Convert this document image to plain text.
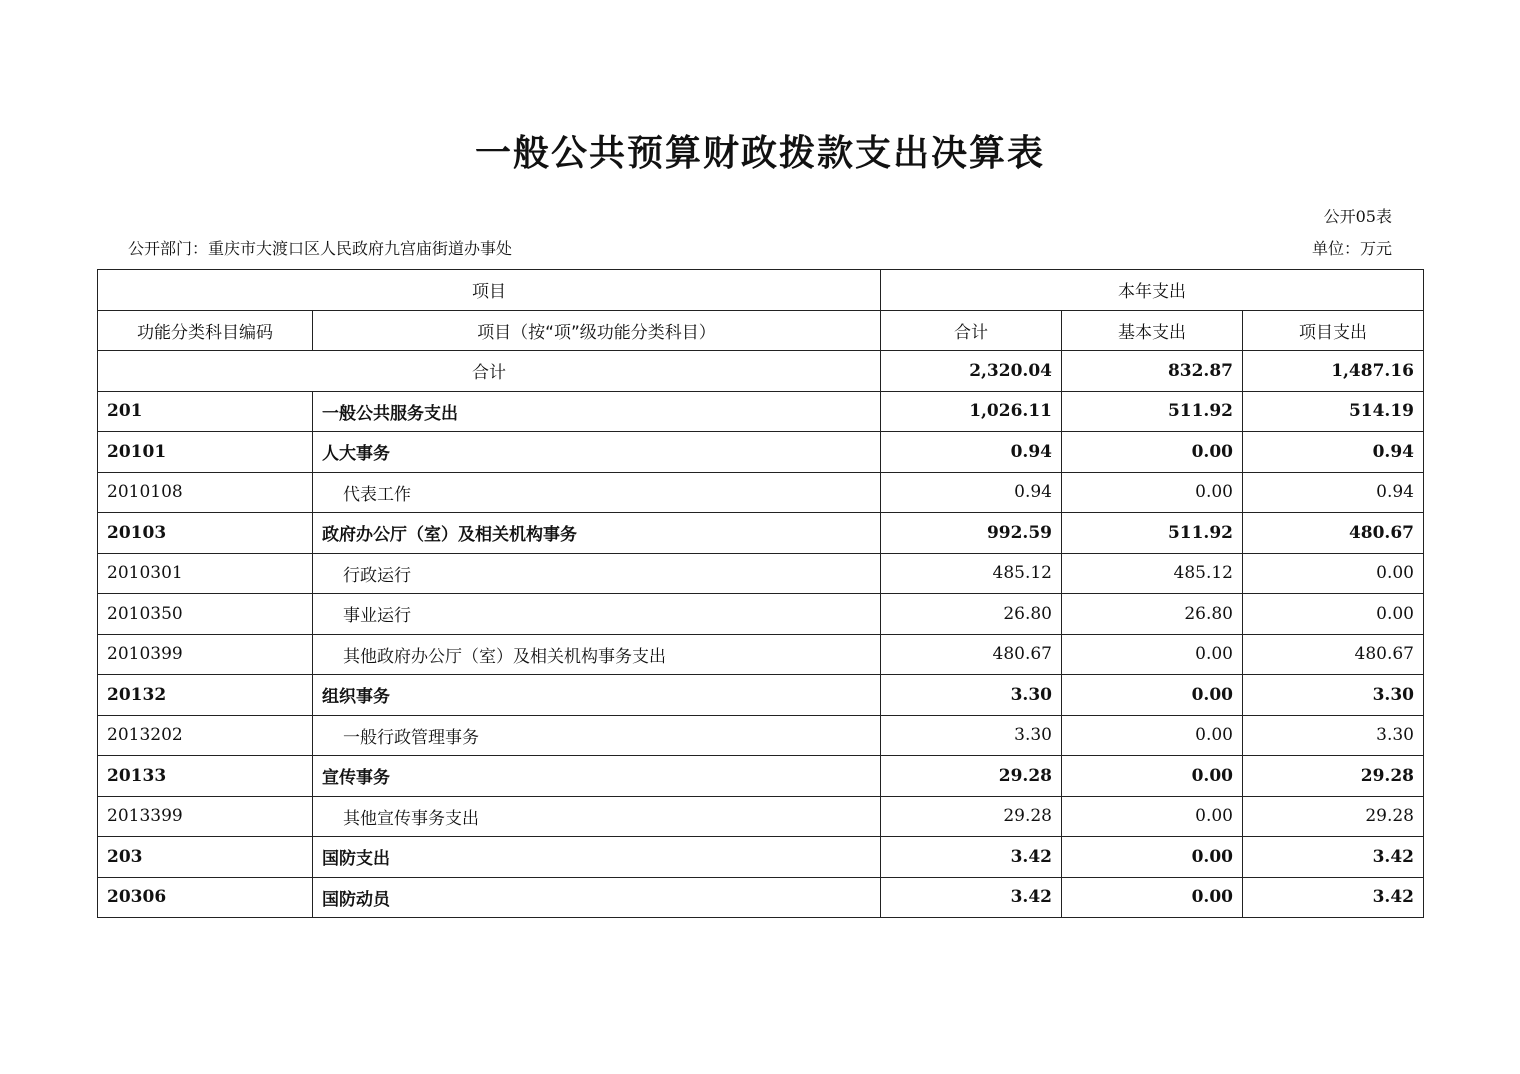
一般公共预算财政拨款支出决算表
公开05表
公开部门：重庆市大渡口区人民政府九宫庙街道办事处	单位：万元
项目		本年支出		
功能分类科目编码	项目（按“项”级功能分类科目）	合计	基本支出	项目支出
合计		2,320.04	832.87	1,487.16
201	一般公共服务支出	1,026.11	511.92	514.19
20101	人大事务	0.94	0.00	0.94
2010108	代表工作	0.94	0.00	0.94
20103	政府办公厅（室）及相关机构事务	992.59	511.92	480.67
2010301	行政运行	485.12	485.12	0.00
2010350	事业运行	26.80	26.80	0.00
2010399	其他政府办公厅（室）及相关机构事务支出	480.67	0.00	480.67
20132	组织事务	3.30	0.00	3.30
2013202	一般行政管理事务	3.30	0.00	3.30
20133	宣传事务	29.28	0.00	29.28
2013399	其他宣传事务支出	29.28	0.00	29.28
203	国防支出	3.42	0.00	3.42
20306	国防动员	3.42	0.00	3.42
